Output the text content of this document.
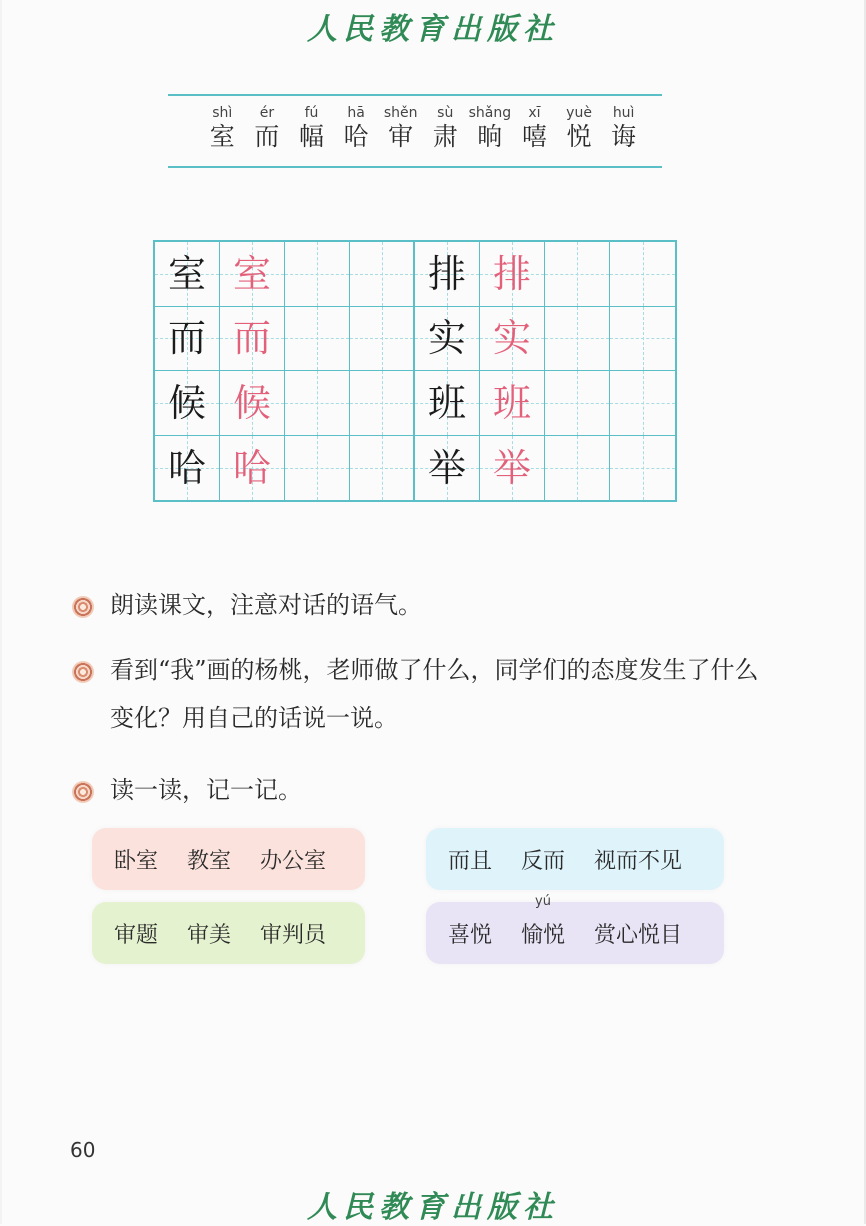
人民教育出版社
shì
室
ér
而
fú
幅
hā
哈
shěn
审
sù
肃
shǎng
晌
xī
嘻
yuè
悦
huì
诲
室 室	排 排
而 而	实 实
候 候	班 班
哈 哈	举 举
朗读课文，注意对话的语气。
看到“我”画的杨桃，老师做了什么，同学们的态度发生了什么变化？用自己的话说一说。
读一读，记一记。
卧室 教室 办公室	而且 反而 视而不见
审题 审美 审判员	喜悦
yú
愉悦 赏心悦目
60
人民教育出版社
